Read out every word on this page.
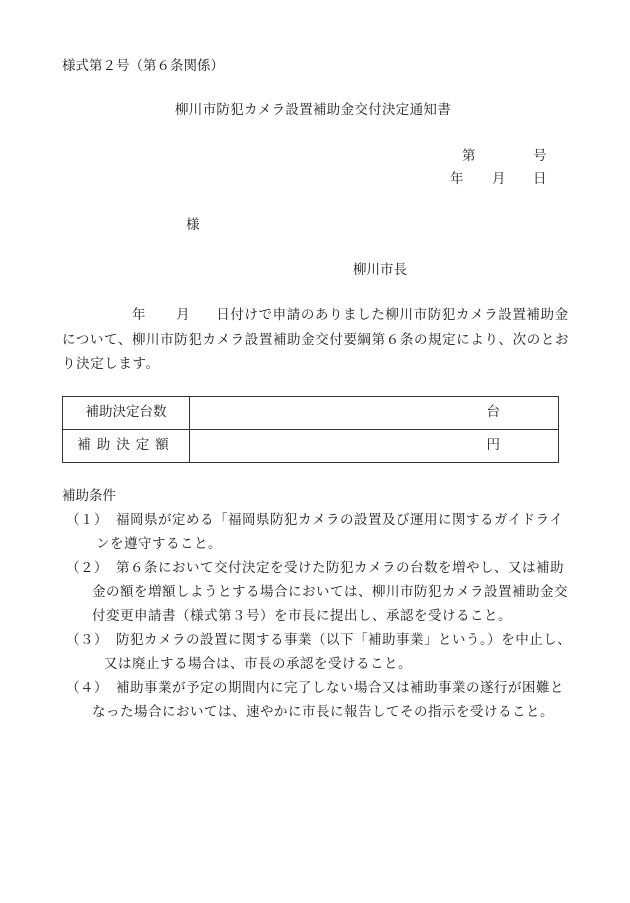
様式第２号（第６条関係）
柳川市防犯カメラ設置補助金交付決定通知書
第	号
年 月 日
様
柳川市長
年 月 日付けで申請のありました柳川市防犯カメラ設置補助金
について、柳川市防犯カメラ設置補助金交付要綱第６条の規定により、次のとお
り決定します。
補助決定台数	台
補助決定額	円
補助条件
（１） 福岡県が定める「福岡県防犯カメラの設置及び運用に関するガイドライ
ンを遵守すること。
（２） 第６条において交付決定を受けた防犯カメラの台数を増やし、又は補助
金の額を増額しようとする場合においては、柳川市防犯カメラ設置補助金交
付変更申請書（様式第３号）を市長に提出し、承認を受けること。
（３） 防犯カメラの設置に関する事業（以下「補助事業」という。）を中止し、
又は廃止する場合は、市長の承認を受けること。
（４） 補助事業が予定の期間内に完了しない場合又は補助事業の遂行が困難と
なった場合においては、速やかに市長に報告してその指示を受けること。
